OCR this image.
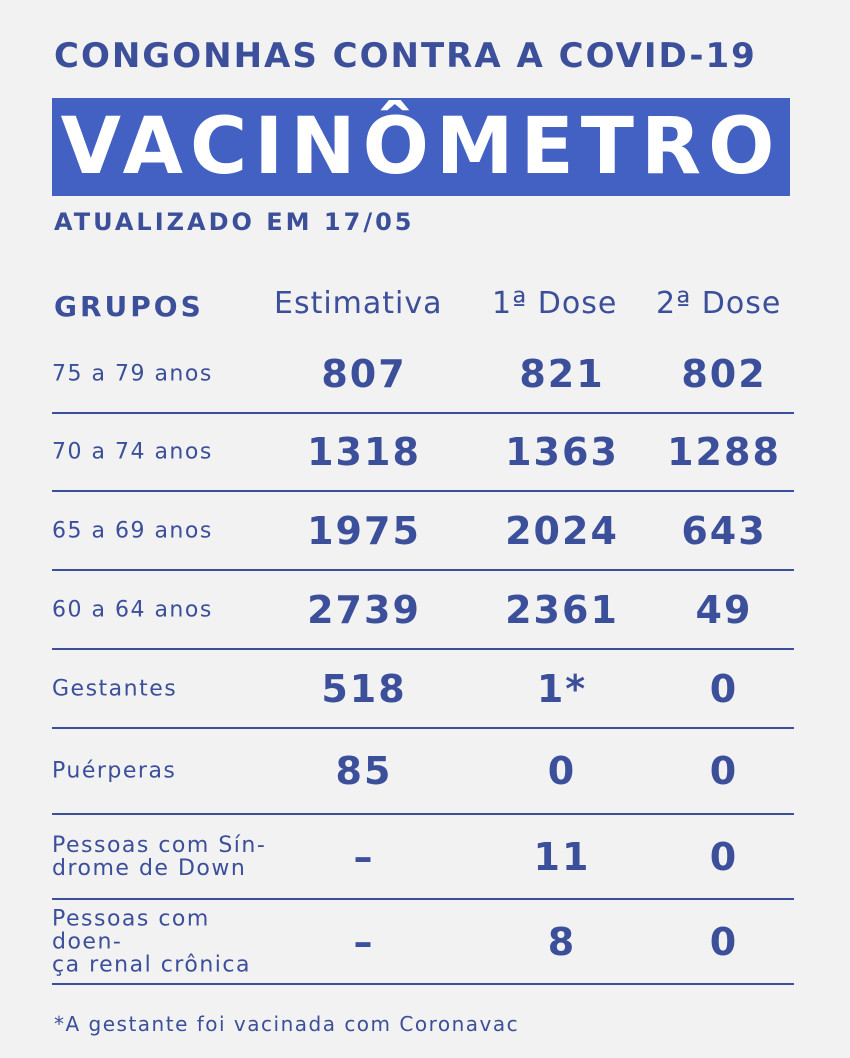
CONGONHAS CONTRA A COVID-19
VACINÔMETRO
ATUALIZADO EM 17/05
GRUPOS Estimativa 1ª Dose 2ª Dose
75 a 79 anos	807	821 802
70 a 74 anos	1318 1363 1288
65 a 69 anos	1975 2024 643
60 a 64 anos	2739 2361 49
Gestantes	518	1*	0
Puérperas	85	0	0
Pessoas com Sín-
drome de Down	–	11	0
Pessoas com doen-
ça renal crônica
–	8	0
*A gestante foi vacinada com Coronavac
